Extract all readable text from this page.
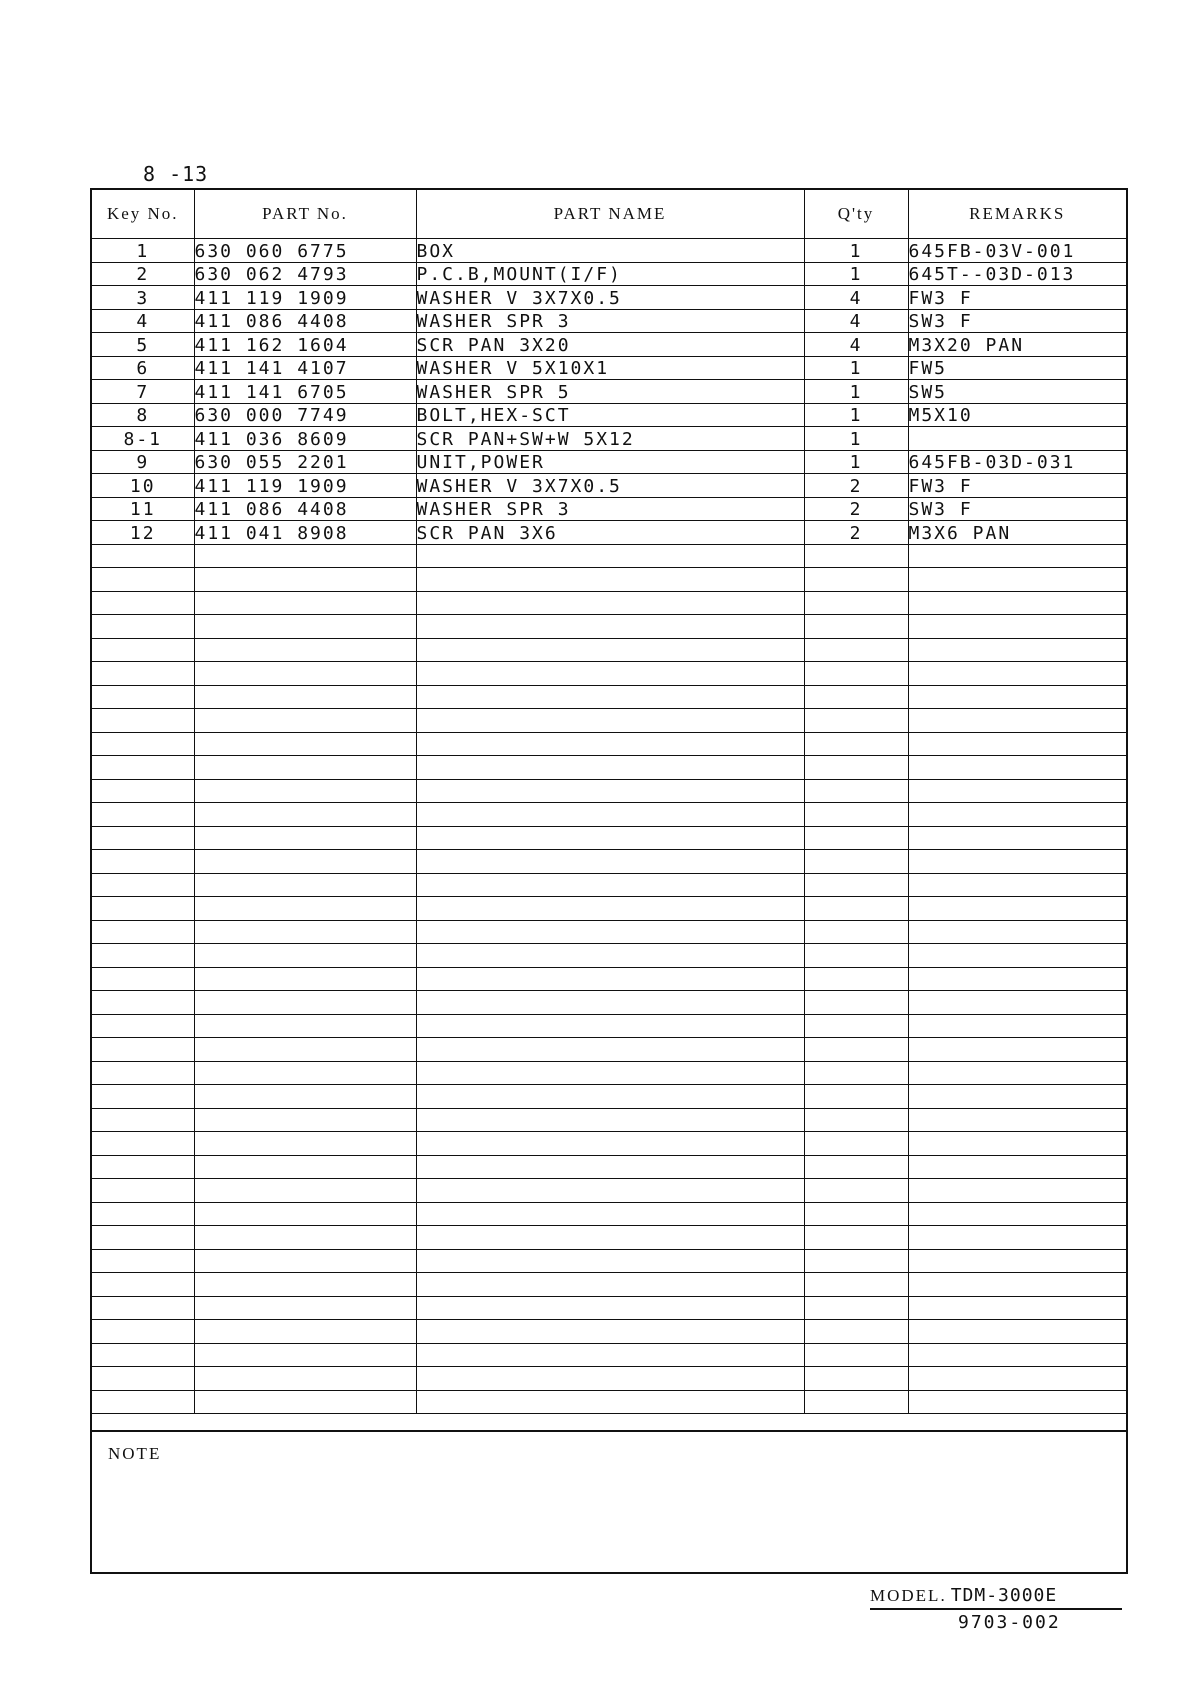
8 -13
Key No.	PART No.	PART NAME	Q'ty	REMARKS
1	630 060 6775	BOX	1	645FB-03V-001
2	630 062 4793	P.C.B,MOUNT(I/F)	1	645T--03D-013
3	411 119 1909	WASHER V 3X7X0.5	4	FW3 F
4	411 086 4408	WASHER SPR 3	4	SW3 F
5	411 162 1604	SCR PAN 3X20	4	M3X20 PAN
6	411 141 4107	WASHER V 5X10X1	1	FW5
7	411 141 6705	WASHER SPR 5	1	SW5
8	630 000 7749	BOLT,HEX-SCT	1	M5X10
8-1	411 036 8609	SCR PAN+SW+W 5X12	1	
9	630 055 2201	UNIT,POWER	1	645FB-03D-031
10	411 119 1909	WASHER V 3X7X0.5	2	FW3 F
11	411 086 4408	WASHER SPR 3	2	SW3 F
12	411 041 8908	SCR PAN 3X6	2	M3X6 PAN

NOTE
MODEL. TDM-3000E
9703-002
